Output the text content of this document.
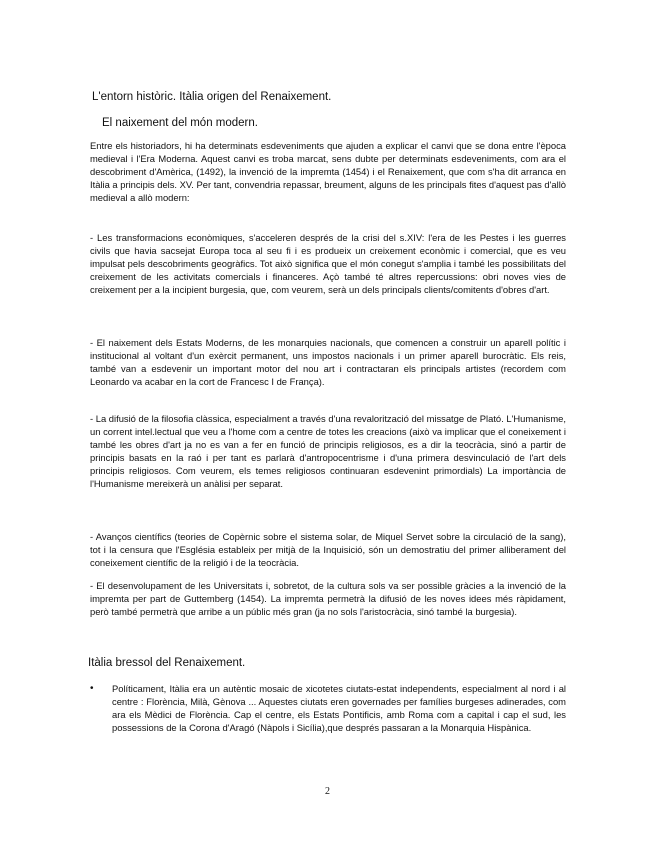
L'entorn històric. Itàlia origen del Renaixement.
El naixement del món modern.

Entre els historiadors, hi ha determinats esdeveniments que ajuden a explicar el canvi que se dona entre l'època medieval i l'Era Moderna. Aquest canvi es troba marcat, sens dubte per determinats esdeveniments, com ara el descobriment d'Amèrica, (1492), la invenció de la impremta (1454) i el Renaixement, que com s'ha dit arranca en Itàlia a principis dels. XV. Per tant, convendria repassar, breument, alguns de les principals fites d'aquest pas d'allò medieval a allò modern:

- Les transformacions econòmiques, s'acceleren després de la crisi del s.XIV: l'era de les Pestes i les guerres civils que havia sacsejat Europa toca al seu fi i es produeix un creixement econòmic i comercial, que es veu impulsat pels descobriments geogràfics. Tot això significa que el món conegut s'amplia i també les possibilitats del creixement de les activitats comercials i financeres. Açò també té altres repercussions: obri noves vies de creixement per a la incipient burgesia, que, com veurem, serà un dels principals clients/comitents d'obres d'art.

- El naixement dels Estats Moderns, de les monarquies nacionals, que comencen a construir un aparell polític i institucional al voltant d'un exèrcit permanent, uns impostos nacionals i un primer aparell burocràtic. Els reis, també van a esdevenir un important motor del nou art i contractaran els principals artistes (recordem com Leonardo va acabar en la cort de Francesc I de França).

- La difusió de la filosofia clàssica, especialment a través d'una revalorització del missatge de Plató. L'Humanisme, un corrent intel.lectual que veu a l'home com a centre de totes les creacions (això va implicar que el coneixement i també les obres d'art ja no es van a fer en funció de principis religiosos, es a dir la teocràcia, sinó a partir de principis basats en la raó i per tant es parlarà d'antropocentrisme i d'una primera desvinculació de l'art dels principis religiosos. Com veurem, els temes religiosos continuaran esdevenint primordials) La importància de l'Humanisme mereixerà un anàlisi per separat.

- Avanços científics (teories de Copèrnic sobre el sistema solar, de Miquel Servet sobre la circulació de la sang), tot i la censura que l'Església estableix per mitjà de la Inquisició, són un demostratiu del primer alliberament del coneixement científic de la religió i de la teocràcia.

- El desenvolupament de les Universitats i, sobretot, de la cultura sols va ser possible gràcies a la invenció de la impremta per part de Guttemberg (1454). La impremta permetrà la difusió de les noves idees més ràpidament, però també permetrà que arribe a un públic més gran (ja no sols l'aristocràcia, sinó també la burgesia).

Itàlia bressol del Renaixement.
• Políticament, Itàlia era un autèntic mosaic de xicotetes ciutats-estat independents, especialment al nord i al centre : Florència, Milà, Gènova ... Aquestes ciutats eren governades per famílies burgeses adinerades, com ara els Mèdici de Florència. Cap el centre, els Estats Pontificis, amb Roma com a capital i cap el sud, les possessions de la Corona d'Aragó (Nàpols i Sicília),que després passaran a la Monarquia Hispànica.
2
